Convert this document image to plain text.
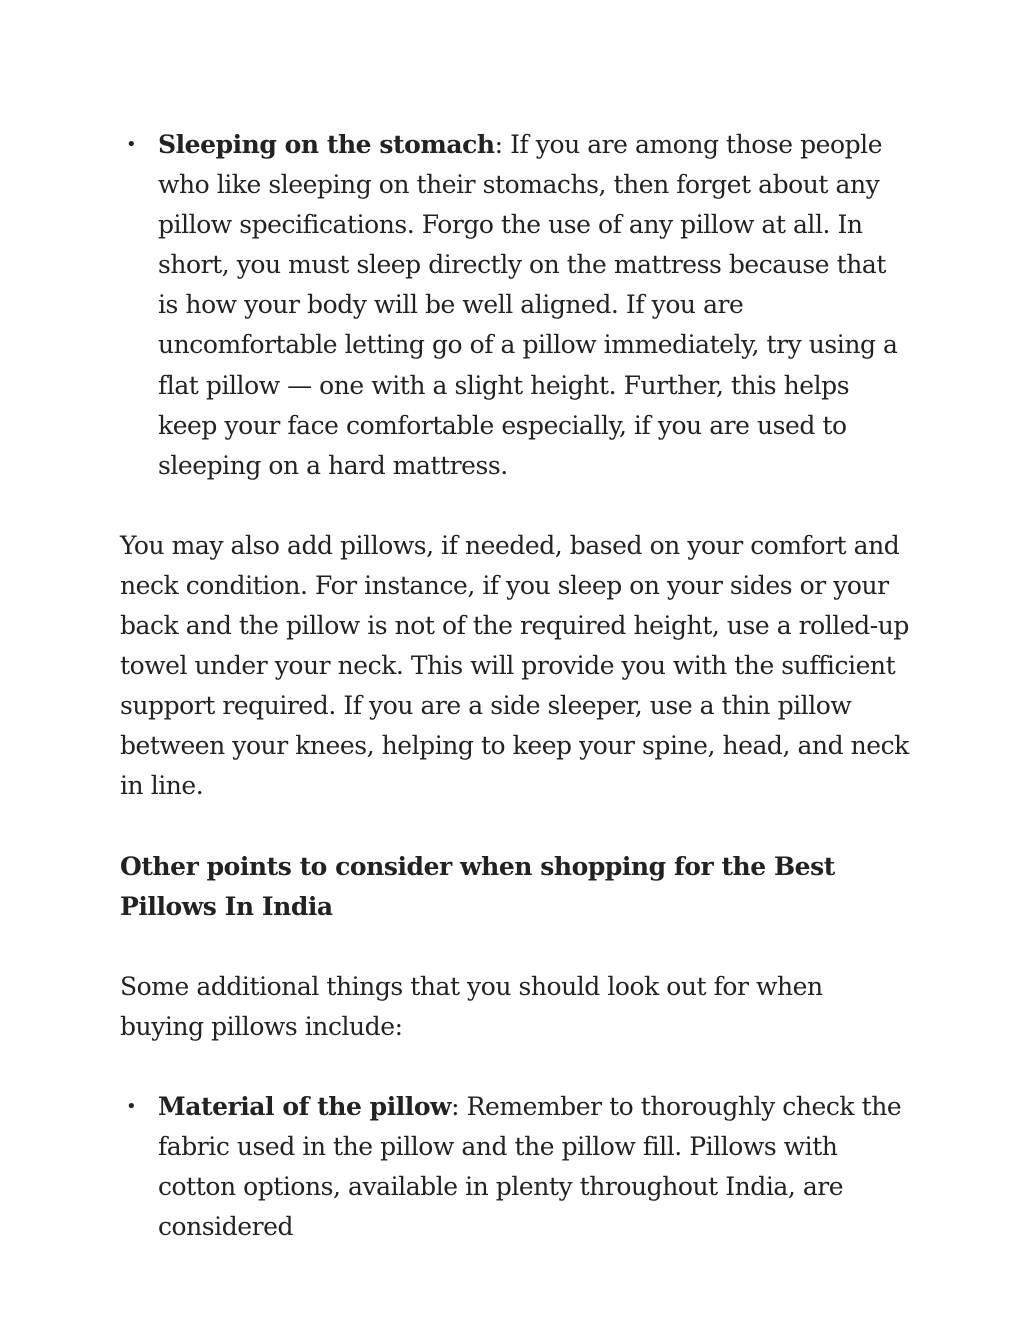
• Sleeping on the stomach: If you are among those people who like sleeping on their stomachs, then forget about any pillow specifications. Forgo the use of any pillow at all. In short, you must sleep directly on the mattress because that is how your body will be well aligned. If you are uncomfortable letting go of a pillow immediately, try using a flat pillow — one with a slight height. Further, this helps keep your face comfortable especially, if you are used to sleeping on a hard mattress.

You may also add pillows, if needed, based on your comfort and neck condition. For instance, if you sleep on your sides or your back and the pillow is not of the required height, use a rolled-up towel under your neck. This will provide you with the sufficient support required. If you are a side sleeper, use a thin pillow between your knees, helping to keep your spine, head, and neck in line.

Other points to consider when shopping for the Best Pillows In India

Some additional things that you should look out for when buying pillows include:

• Material of the pillow: Remember to thoroughly check the fabric used in the pillow and the pillow fill. Pillows with cotton options, available in plenty throughout India, are considered
